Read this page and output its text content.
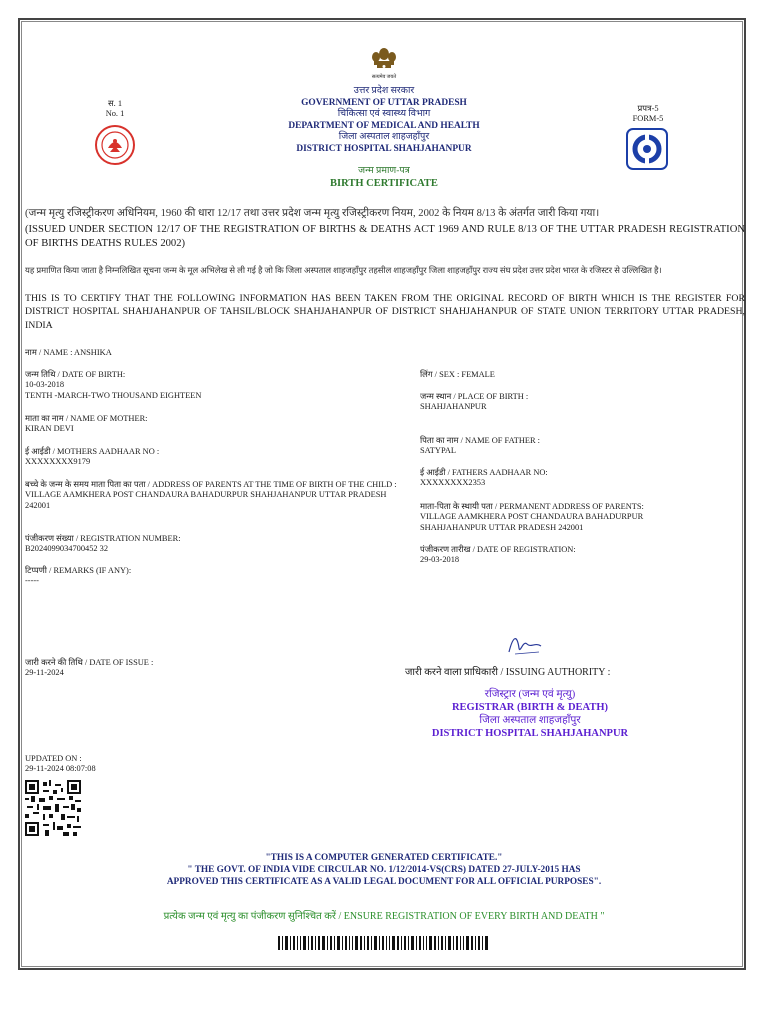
सत्यमेव जयते
उत्तर प्रदेश सरकार
GOVERNMENT OF UTTAR PRADESH
चिकित्सा एवं स्वास्थ्य विभाग
DEPARTMENT OF MEDICAL AND HEALTH
जिला अस्पताल शाहजहाँपुर
DISTRICT HOSPITAL SHAHJAHANPUR
जन्म प्रमाण-पत्र
BIRTH CERTIFICATE
स. 1
No. 1
प्रपत्र-5
FORM-5
(जन्म मृत्यु रजिस्ट्रीकरण अधिनियम, 1960 की धारा 12/17 तथा उत्तर प्रदेश जन्म मृत्यु रजिस्ट्रीकरण नियम, 2002 के नियम 8/13 के अंतर्गत जारी किया गया।
(ISSUED UNDER SECTION 12/17 OF THE REGISTRATION OF BIRTHS & DEATHS ACT 1969 AND RULE 8/13 OF THE UTTAR PRADESH REGISTRATION OF BIRTHS DEATHS RULES 2002)
यह प्रमाणित किया जाता है निम्नलिखित सूचना जन्म के मूल अभिलेख से ली गई है जो कि जिला अस्पताल शाहजहाँपुर तहसील शाहजहाँपुर जिला शाहजहाँपुर राज्य संघ प्रदेश उत्तर प्रदेश भारत के रजिस्टर से उल्लिखित है।
THIS IS TO CERTIFY THAT THE FOLLOWING INFORMATION HAS BEEN TAKEN FROM THE ORIGINAL RECORD OF BIRTH WHICH IS THE REGISTER FOR DISTRICT HOSPITAL SHAHJAHANPUR OF TAHSIL/BLOCK SHAHJAHANPUR OF DISTRICT SHAHJAHANPUR OF STATE UNION TERRITORY UTTAR PRADESH, INDIA
नाम / NAME : ANSHIKA
जन्म तिथि / DATE OF BIRTH:
10-03-2018
TENTH -MARCH-TWO THOUSAND EIGHTEEN
लिंग / SEX : FEMALE
जन्म स्थान / PLACE OF BIRTH :
SHAHJAHANPUR
माता का नाम / NAME OF MOTHER:
KIRAN DEVI
पिता का नाम / NAME OF FATHER :
SATYPAL
ई आईडी / MOTHERS AADHAAR NO :
XXXXXXXX9179
ई आईडी / FATHERS AADHAAR NO:
XXXXXXXX2353
बच्चे के जन्म के समय माता पिता का पता / ADDRESS OF PARENTS AT THE TIME OF BIRTH OF THE CHILD :
VILLAGE AAMKHERA POST CHANDAURA BAHADURPUR SHAHJAHANPUR UTTAR PRADESH 242001	माता-पिता के स्थायी पता / PERMANENT ADDRESS OF PARENTS:
VILLAGE AAMKHERA POST CHANDAURA BAHADURPUR SHAHJAHANPUR UTTAR PRADESH 242001
पंजीकरण संख्या / REGISTRATION NUMBER:
B2024099034700452 32	पंजीकरण तारीख / DATE OF REGISTRATION:
29-03-2018
टिप्पणी / REMARKS (IF ANY):
-----
जारी करने की तिथि / DATE OF ISSUE :
29-11-2024	जारी करने वाला प्राधिकारी / ISSUING AUTHORITY :
रजिस्ट्रार (जन्म एवं मृत्यु)
REGISTRAR (BIRTH & DEATH)
जिला अस्पताल शाहजहाँपुर
DISTRICT HOSPITAL SHAHJAHANPUR
UPDATED ON :
29-11-2024 08:07:08
"THIS IS A COMPUTER GENERATED CERTIFICATE."
" THE GOVT. OF INDIA VIDE CIRCULAR NO. 1/12/2014-VS(CRS) DATED 27-JULY-2015 HAS
APPROVED THIS CERTIFICATE AS A VALID LEGAL DOCUMENT FOR ALL OFFICIAL PURPOSES".
प्रत्येक जन्म एवं मृत्यु का पंजीकरण सुनिश्चित करें / ENSURE REGISTRATION OF EVERY BIRTH AND DEATH "
